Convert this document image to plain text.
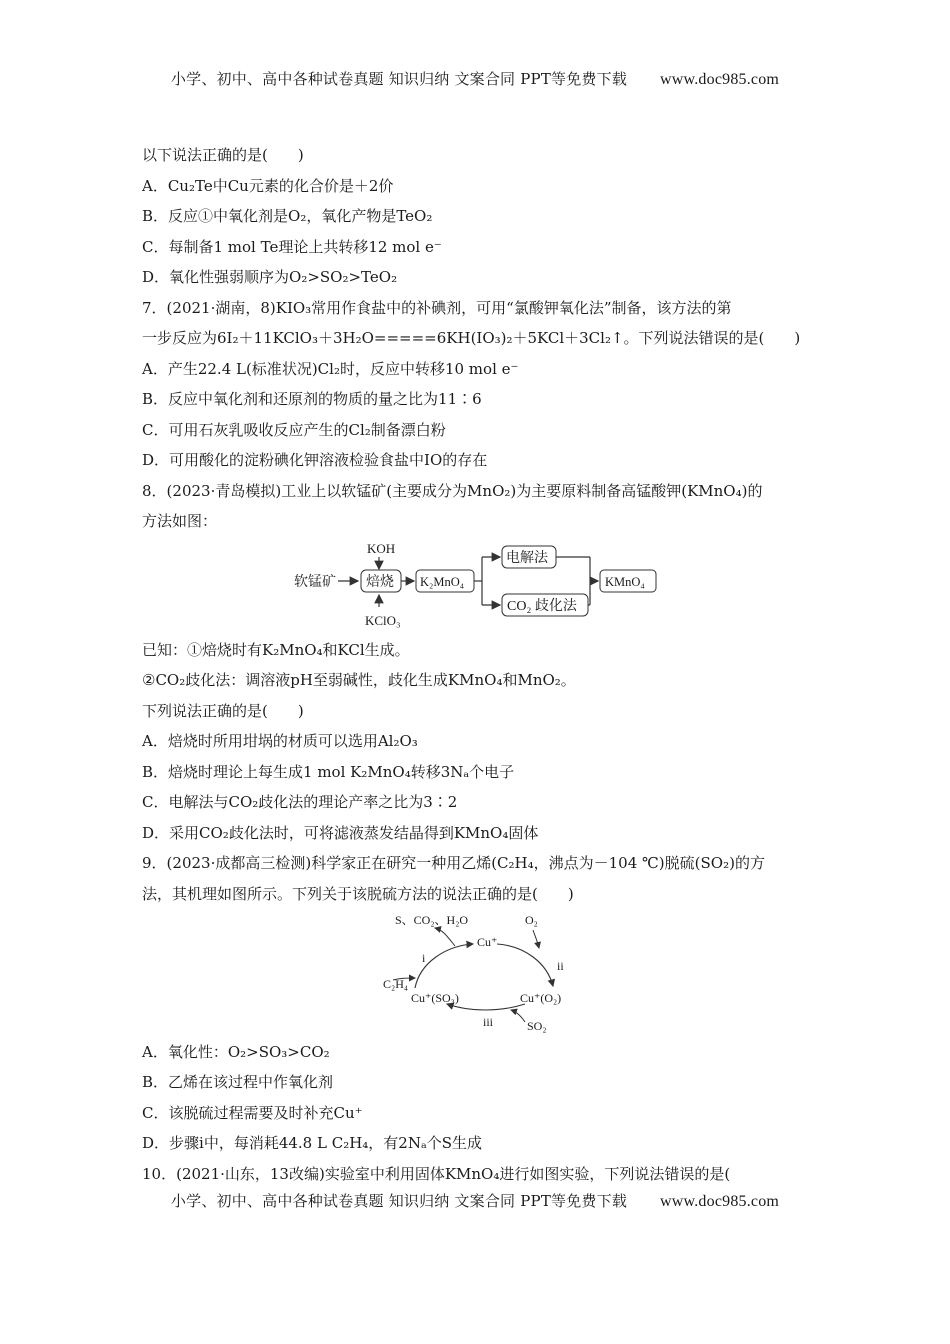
小学、初中、高中各种试卷真题 知识归纳 文案合同 PPT等免费下载 www.doc985.com
以下说法正确的是(　　)
A．Cu₂Te中Cu元素的化合价是＋2价
B．反应①中氧化剂是O₂，氧化产物是TeO₂
C．每制备1 mol Te理论上共转移12 mol e⁻
D．氧化性强弱顺序为O₂>SO₂>TeO₂
7．(2021·湖南，8)KIO₃常用作食盐中的补碘剂，可用“氯酸钾氧化法”制备，该方法的第
一步反应为6I₂＋11KClO₃＋3H₂O=====6KH(IO₃)₂＋5KCl＋3Cl₂↑。下列说法错误的是(　　)
A．产生22.4 L(标准状况)Cl₂时，反应中转移10 mol e⁻
B．反应中氧化剂和还原剂的物质的量之比为11∶6
C．可用石灰乳吸收反应产生的Cl₂制备漂白粉
D．可用酸化的淀粉碘化钾溶液检验食盐中IO的存在
8．(2023·青岛模拟)工业上以软锰矿(主要成分为MnO₂)为主要原料制备高锰酸钾(KMnO₄)的
方法如图：
软锰矿
KOH
焙烧
KClO₃
K₂MnO₄
电解法
CO₂ 歧化法
KMnO₄
已知：①焙烧时有K₂MnO₄和KCl生成。
②CO₂歧化法：调溶液pH至弱碱性，歧化生成KMnO₄和MnO₂。
下列说法正确的是(　　)
A．焙烧时所用坩埚的材质可以选用Al₂O₃
B．焙烧时理论上每生成1 mol K₂MnO₄转移3Nₐ个电子
C．电解法与CO₂歧化法的理论产率之比为3∶2
D．采用CO₂歧化法时，可将滤液蒸发结晶得到KMnO₄固体
9．(2023·成都高三检测)科学家正在研究一种用乙烯(C₂H₄，沸点为－104 ℃)脱硫(SO₂)的方
法，其机理如图所示。下列关于该脱硫方法的说法正确的是(　　)
S、CO₂、H₂O	O₂
Cu⁺
i
ii
iii
C₂H₄
Cu⁺(SO₃)	Cu⁺(O₂)
SO₂
A．氧化性：O₂>SO₃>CO₂
B．乙烯在该过程中作氧化剂
C．该脱硫过程需要及时补充Cu⁺
D．步骤ⅰ中，每消耗44.8 L C₂H₄，有2Nₐ个S生成
10．(2021·山东，13改编)实验室中利用固体KMnO₄进行如图实验，下列说法错误的是(
小学、初中、高中各种试卷真题 知识归纳 文案合同 PPT等免费下载 www.doc985.com
